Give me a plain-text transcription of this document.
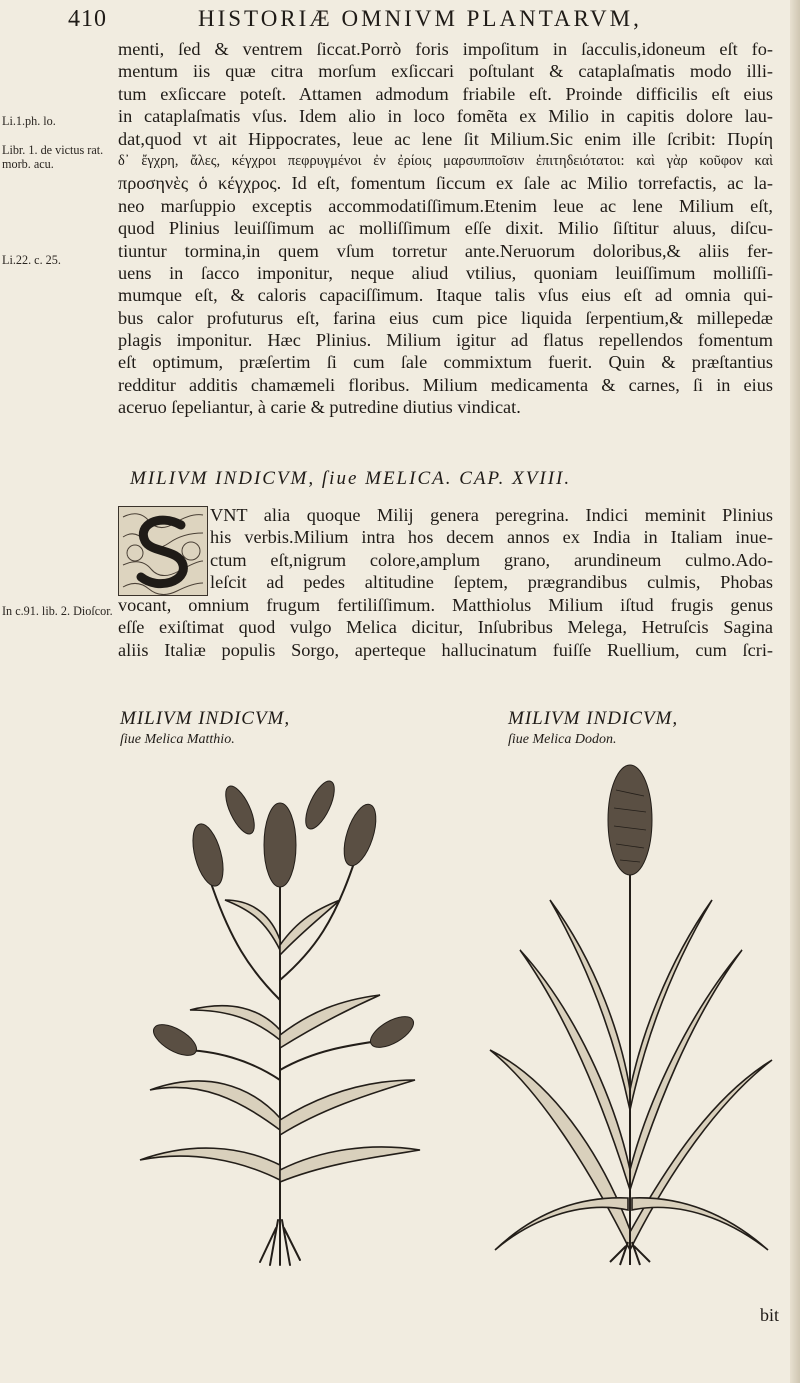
410	HISTORIÆ OMNIVM PLANTARVM,
menti, ſed & ventrem ſiccat.Porrò foris impoſitum in ſacculis,idoneum eſt fo-
mentum iis quæ citra morſum exſiccari poſtulant & cataplaſmatis modo illi-
tum exſiccare poteſt. Attamen admodum friabile eſt. Proinde difficilis eſt eius
in cataplaſmatis vſus. Idem alio in loco fomẽta ex Milio in capitis dolore lau-
dat,quod vt ait Hippocrates, leue ac lene ſit Milium.Sic enim ille ſcribit: Πυρίη
δ᾽ ἔγχρη, ἄλες, κέγχροι πεφρυγμένοι ἐν ἐρίοις μαρσυπποῖσιν ἐπιτηδειότατοι: καὶ γὰρ κοῦφον καὶ
προσηνὲς ὁ κέγχρος. Id eſt, fomentum ſiccum ex ſale ac Milio torrefactis, ac la-
neo marſuppio exceptis accommodatiſſimum.Etenim leue ac lene Milium eſt,
quod Plinius leuiſſimum ac molliſſimum eſſe dixit. Milio ſiſtitur aluus, diſcu-
tiuntur tormina,in quem vſum torretur ante.Neruorum doloribus,& aliis fer-
uens in ſacco imponitur, neque aliud vtilius, quoniam leuiſſimum molliſſi-
mumque eſt, & caloris capaciſſimum. Itaque talis vſus eius eſt ad omnia qui-
bus calor profuturus eſt, farina eius cum pice liquida ſerpentium,& millepedæ
plagis imponitur. Hæc Plinius. Milium igitur ad flatus repellendos fomentum
eſt optimum, præſertim ſi cum ſale commixtum fuerit. Quin & præſtantius
redditur additis chamæmeli floribus. Milium medicamenta & carnes, ſi in eius
aceruo ſepeliantur, à carie & putredine diutius vindicat.
Li.1.ph. lo.
Libr. 1. de victus rat. morb. acu.
Li.22. c. 25.
In c.91. lib. 2. Dioſcor.
MILIVM INDICVM, ſiue MELICA. CAP. XVIII.
VNT alia quoque Milij genera peregrina. Indici meminit Plinius
his verbis.Milium intra hos decem annos ex India in Italiam inue-
ctum eſt,nigrum colore,amplum grano, arundineum culmo.Ado-
leſcit ad pedes altitudine ſeptem, prægrandibus culmis, Phobas
vocant, omnium frugum fertiliſſimum. Matthiolus Milium iſtud frugis genus
eſſe exiſtimat quod vulgo Melica dicitur, Inſubribus Melega, Hetruſcis Sagina
aliis Italiæ populis Sorgo, aperteque hallucinatum fuiſſe Ruellium, cum ſcri-
MILIVM INDICVM,
ſiue Melica Matthio.
MILIVM INDICVM,
ſiue Melica Dodon.
bit
